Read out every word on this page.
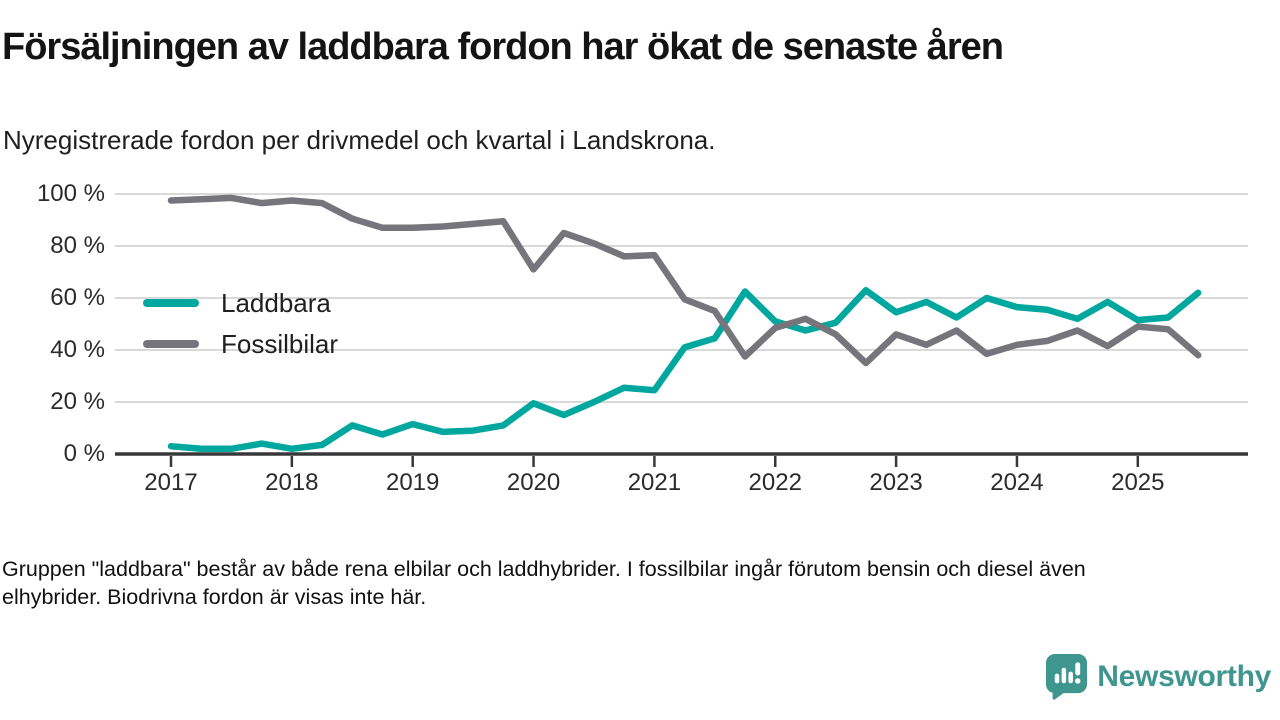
Försäljningen av laddbara fordon har ökat de senaste åren
Nyregistrerade fordon per drivmedel och kvartal i Landskrona.
Laddbara
Fossilbilar
Gruppen "laddbara" består av både rena elbilar och laddhybrider. I fossilbilar ingår förutom bensin och diesel även
elhybrider. Biodrivna fordon är visas inte här.
Newsworthy
0 %
20 %
40 %
60 %
80 %
100 %
2017	2018	2019	2020	2021	2022	2023	2024	2025
